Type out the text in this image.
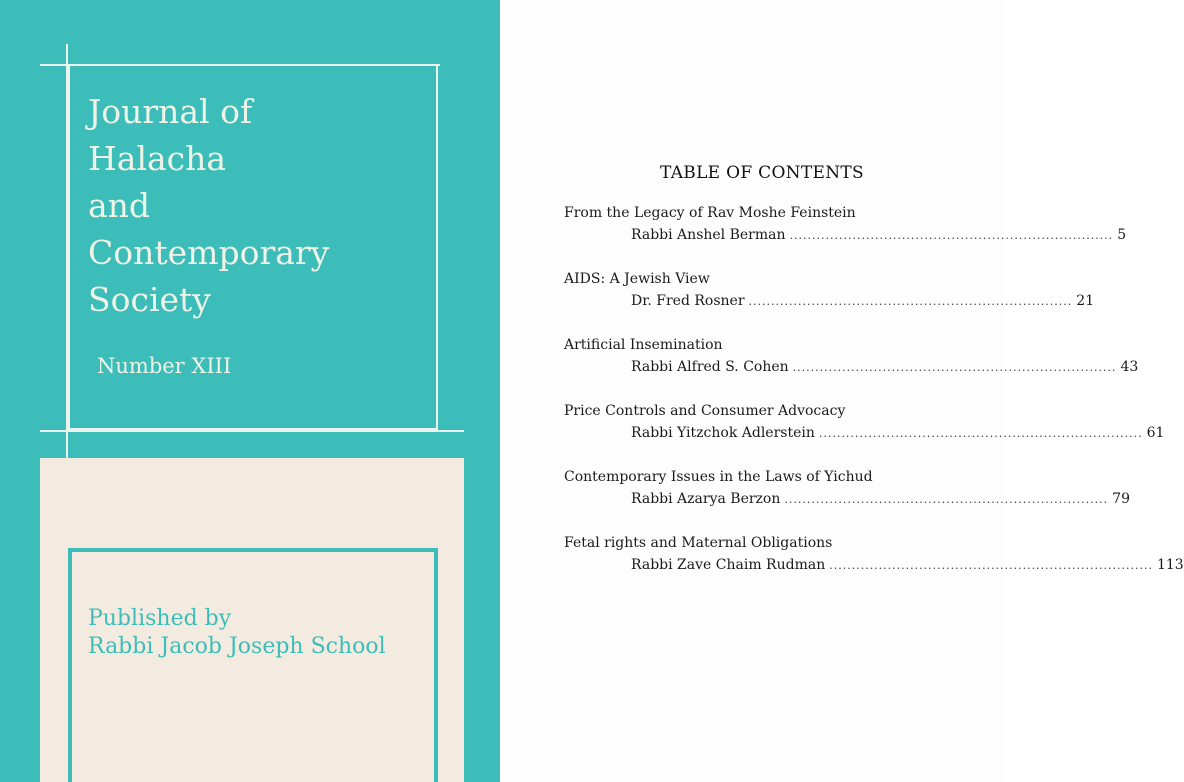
Journal of
Halacha
and
Contemporary
Society
Number XIII
Published by
Rabbi Jacob Joseph School
TABLE OF CONTENTS
From the Legacy of Rav Moshe Feinstein
Rabbi Anshel Berman ........................................................................ 5
AIDS: A Jewish View
Dr. Fred Rosner ........................................................................ 21
Artificial Insemination
Rabbi Alfred S. Cohen ........................................................................ 43
Price Controls and Consumer Advocacy
Rabbi Yitzchok Adlerstein ........................................................................ 61
Contemporary Issues in the Laws of Yichud
Rabbi Azarya Berzon ........................................................................ 79
Fetal rights and Maternal Obligations
Rabbi Zave Chaim Rudman ........................................................................ 113
